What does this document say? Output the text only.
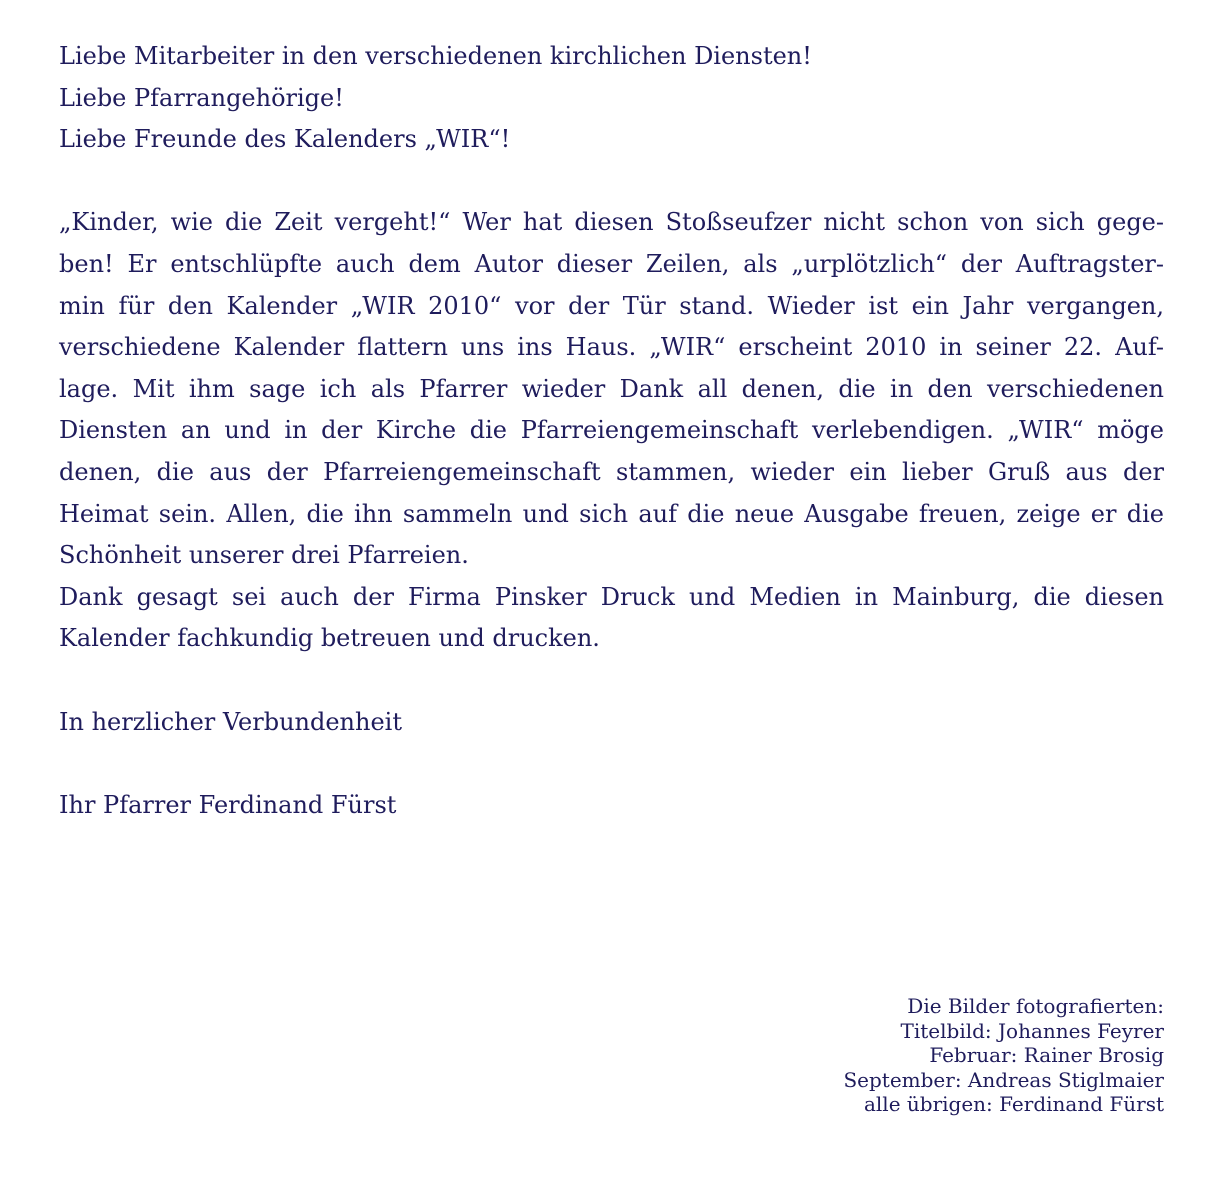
Liebe Mitarbeiter in den verschiedenen kirchlichen Diensten!

Liebe Pfarrangehörige!

Liebe Freunde des Kalenders „WIR“!

„Kinder, wie die Zeit vergeht!“ Wer hat diesen Stoßseufzer nicht schon von sich gege-

ben! Er entschlüpfte auch dem Autor dieser Zeilen, als „urplötzlich“ der Auftragster-

min für den Kalender „WIR 2010“ vor der Tür stand. Wieder ist ein Jahr vergangen,

verschiedene Kalender flattern uns ins Haus. „WIR“ erscheint 2010 in seiner 22. Auf-

lage. Mit ihm sage ich als Pfarrer wieder Dank all denen, die in den verschiedenen

Diensten an und in der Kirche die Pfarreiengemeinschaft verlebendigen. „WIR“ möge

denen, die aus der Pfarreiengemeinschaft stammen, wieder ein lieber Gruß aus der

Heimat sein. Allen, die ihn sammeln und sich auf die neue Ausgabe freuen, zeige er die

Schönheit unserer drei Pfarreien.

Dank gesagt sei auch der Firma Pinsker Druck und Medien in Mainburg, die diesen

Kalender fachkundig betreuen und drucken.

In herzlicher Verbundenheit

Ihr Pfarrer Ferdinand Fürst

Die Bilder fotografierten:
Titelbild: Johannes Feyrer
Februar: Rainer Brosig
September: Andreas Stiglmaier
alle übrigen: Ferdinand Fürst
